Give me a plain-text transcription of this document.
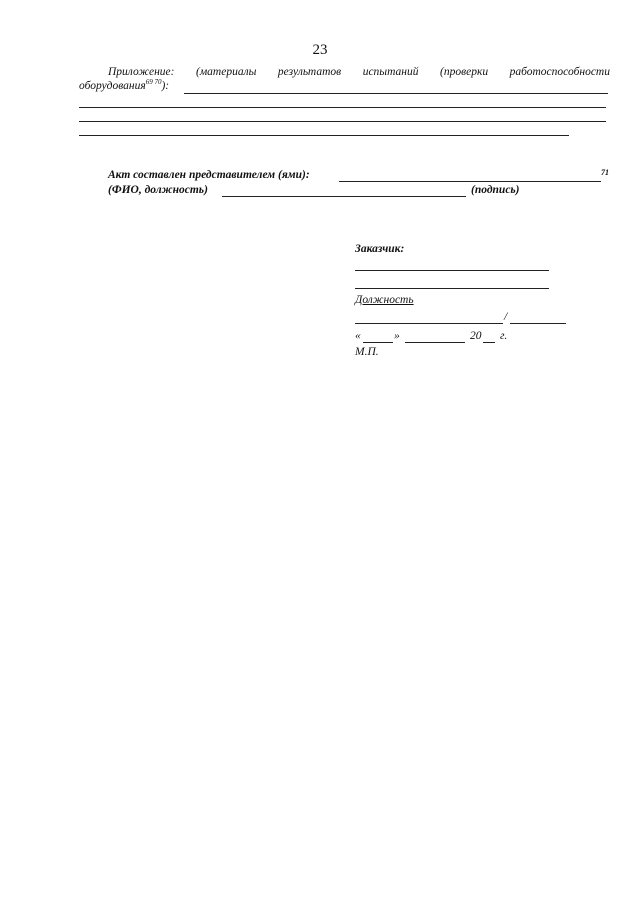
23
Приложение: (материалы результатов испытаний (проверки работоспособности
оборудования$^{69 70}$):
Акт составлен представителем (ями):	71
(ФИО, должность)	(подпись)
Заказчик:
Должность
/
«	»	20 г.
М.П.
